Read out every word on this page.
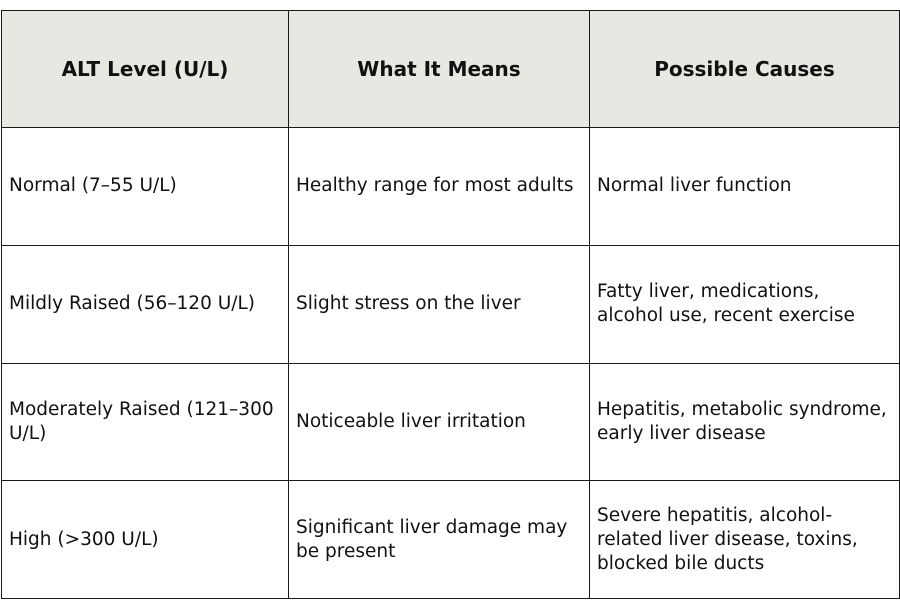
ALT Level (U/L)	What It Means	Possible Causes
Normal (7–55 U/L)	Healthy range for most adults	Normal liver function
Mildly Raised (56–120 U/L)	Slight stress on the liver	Fatty liver, medications, alcohol use, recent exercise
Moderately Raised (121–300 U/L)	Noticeable liver irritation	Hepatitis, metabolic syndrome, early liver disease
High (>300 U/L)	Significant liver damage may be present	Severe hepatitis, alcohol-related liver disease, toxins, blocked bile ducts
